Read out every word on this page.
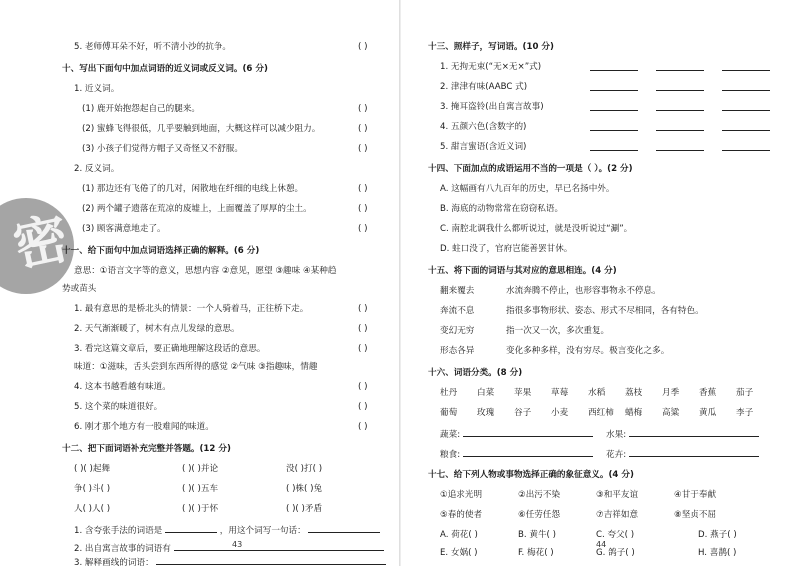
密
5. 老师傅耳朵不好，听不清小沙的抗争。	( )
十、写出下面句中加点词语的近义词或反义词。(6 分)
1. 近义词。
(1) 鹿开始抱怨起自己的腿来。	( )
(2) 蜜蜂飞得很低，几乎要触到地面，大概这样可以减少阻力。	( )
(3) 小孩子们觉得方帽子又奇怪又不舒服。	( )
2. 反义词。
(1) 那边还有飞倦了的几对，闲散地在纤细的电线上休憩。	( )
(2) 两个罐子遗落在荒凉的废墟上，上面覆盖了厚厚的尘土。	( )
(3) 顾客满意地走了。	( )
十一、给下面句中加点词语选择正确的解释。(6 分)
意思：①语言文字等的意义，思想内容 ②意见，愿望 ③趣味 ④某种趋
势或苗头
1. 最有意思的是桥北头的情景：一个人骑着马，正往桥下走。	( )
2. 天气渐渐暖了，树木有点儿发绿的意思。	( )
3. 看完这篇文章后，要正确地理解这段话的意思。	( )
味道：①滋味，舌头尝到东西所得的感觉 ②气味 ③指趣味，情趣
4. 这本书越看越有味道。	( )
5. 这个菜的味道很好。	( )
6. 刚才那个地方有一股难闻的味道。	( )
十二、把下面词语补充完整并答题。(12 分)
( )( )起舞	( )( )并论	没( )打( )
争( )斗( )	( )( )五车	( )株( )兔
人( )人( )	( )( )于怀	( )( )矛盾
1. 含夸张手法的词语是	，用这个词写一句话：
2. 出自寓言故事的词语有
3. 解释画线的词语：
43
十三、照样子，写词语。(10 分)
1. 无拘无束(“无×无×”式)
2. 津津有味(AABC 式)
3. 掩耳盗铃(出自寓言故事)
4. 五颜六色(含数字的)
5. 甜言蜜语(含近义词)
十四、下面加点的成语运用不当的一项是（ ）。(2 分)
A. 这幅画有八九百年的历史，早已名扬中外。
B. 海底的动物常常在窃窃私语。
C. 南腔北调我什么都听说过，就是没听说过“涮”。
D. 蛀口没了，官府岂能善罢甘休。
十五、将下面的词语与其对应的意思相连。(4 分)
翻来覆去	水流奔腾不停止，也形容事物永不停息。
奔流不息	指很多事物形状、姿态、形式不尽相同，各有特色。
变幻无穷	指一次又一次，多次重复。
形态各异	变化多种多样，没有穷尽。极言变化之多。
十六、词语分类。(8 分)
杜丹 白菜 苹果 草莓 水稻 荔枝 月季 香蕉 茄子
葡萄 玫瑰 谷子 小麦 西红柿 蜡梅 高粱 黄瓜 李子
蔬菜:	水果:
粮食:	花卉:
十七、给下列人物或事物选择正确的象征意义。(4 分)
①追求光明	②出污不染	③和平友谊	④甘于奉献
⑤春的使者	⑥任劳任怨	⑦吉祥如意	⑧坚贞不屈
A. 荷花( )	B. 黄牛( )	C. 夸父( )	D. 燕子( )
E. 女娲( )	F. 梅花( )	G. 鸽子( )	H. 喜鹊( )
44
